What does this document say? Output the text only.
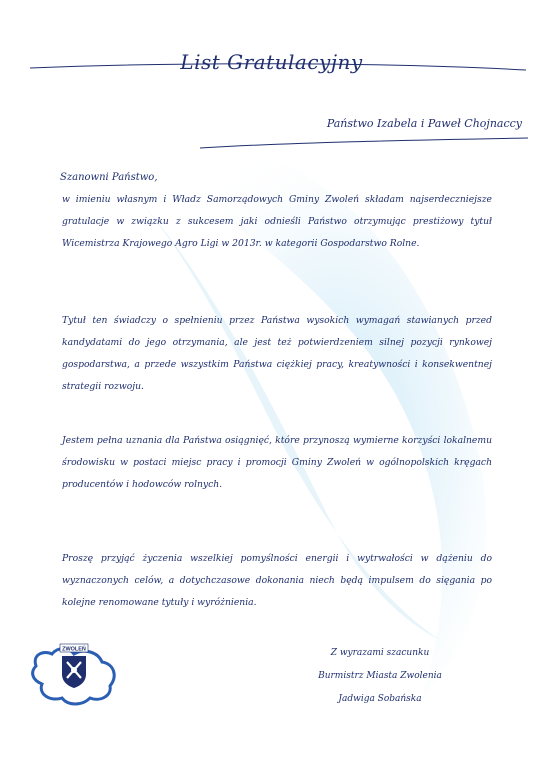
List Gratulacyjny
Państwo Izabela i Paweł Chojnaccy
Szanowni Państwo,
w imieniu własnym i Władz Samorządowych Gminy Zwoleń składam najserdeczniejsze gratulacje w związku z sukcesem jaki odnieśli Państwo otrzymując prestiżowy tytuł Wicemistrza Krajowego Agro Ligi w 2013r. w kategorii Gospodarstwo Rolne.
Tytuł ten świadczy o spełnieniu przez Państwa wysokich wymagań stawianych przed kandydatami do jego otrzymania, ale jest też potwierdzeniem silnej pozycji rynkowej gospodarstwa, a przede wszystkim Państwa ciężkiej pracy, kreatywności i konsekwentnej strategii rozwoju.
Jestem pełna uznania dla Państwa osiągnięć, które przynoszą wymierne korzyści lokalnemu środowisku w postaci miejsc pracy i promocji Gminy Zwoleń w ogólnopolskich kręgach producentów i hodowców rolnych.
Proszę przyjąć życzenia wszelkiej pomyślności energii i wytrwałości w dążeniu do wyznaczonych celów, a dotychczasowe dokonania niech będą impulsem do sięgania po kolejne renomowane tytuły i wyróżnienia.
Z wyrazami szacunku
Burmistrz Miasta Zwolenia
Jadwiga Sobańska
ZWOLEŃ
